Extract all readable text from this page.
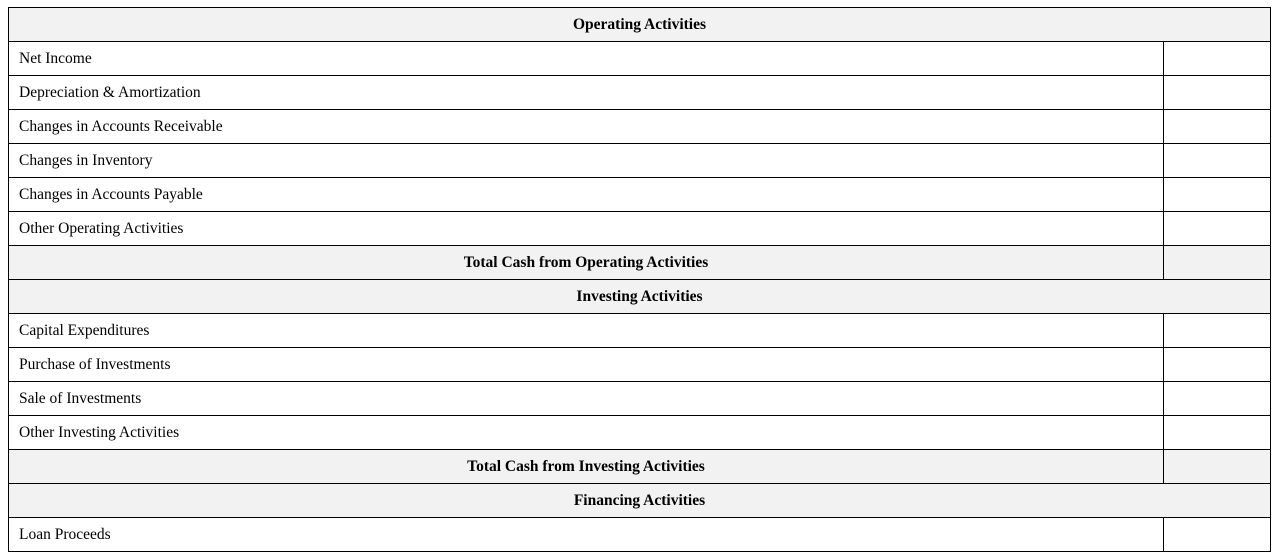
Operating Activities	
Net Income	
Depreciation & Amortization	
Changes in Accounts Receivable	
Changes in Inventory	
Changes in Accounts Payable	
Other Operating Activities	
Total Cash from Operating Activities	
Investing Activities	
Capital Expenditures	
Purchase of Investments	
Sale of Investments	
Other Investing Activities	
Total Cash from Investing Activities	
Financing Activities	
Loan Proceeds	
